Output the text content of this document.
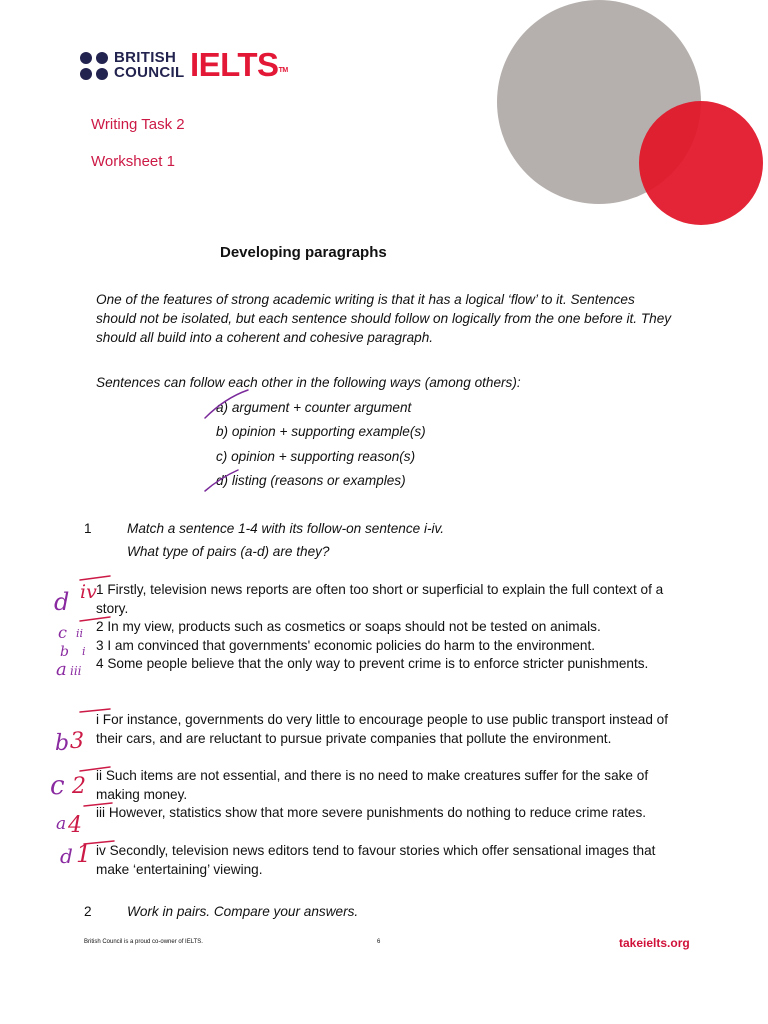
BRITISH
COUNCIL IELTS™
Writing Task 2
Worksheet 1
Developing paragraphs
One of the features of strong academic writing is that it has a logical ‘flow’ to it. Sentences should not be isolated, but each sentence should follow on logically from the one before it. They should all build into a coherent and cohesive paragraph.
Sentences can follow each other in the following ways (among others):
a) argument + counter argument
b) opinion + supporting example(s)
c) opinion + supporting reason(s)
d) listing (reasons or examples)
1	Match a sentence 1-4 with its follow-on sentence i-iv.
What type of pairs (a-d) are they?
1 Firstly, television news reports are often too short or superficial to explain the full context of a story.
2 In my view, products such as cosmetics or soaps should not be tested on animals.
3 I am convinced that governments' economic policies do harm to the environment.
4 Some people believe that the only way to prevent crime is to enforce stricter punishments.
i For instance, governments do very little to encourage people to use public transport instead of their cars, and are reluctant to pursue private companies that pollute the environment.
ii Such items are not essential, and there is no need to make creatures suffer for the sake of making money.
iii However, statistics show that more severe punishments do nothing to reduce crime rates.
iv Secondly, television news editors tend to favour stories which offer sensational images that make ‘entertaining’ viewing.
2	Work in pairs. Compare your answers.
British Council is a proud co-owner of IELTS.	6	takeielts.org
d iv
c ii
b i
a iii
b 3
c 2
a 4
d 1
